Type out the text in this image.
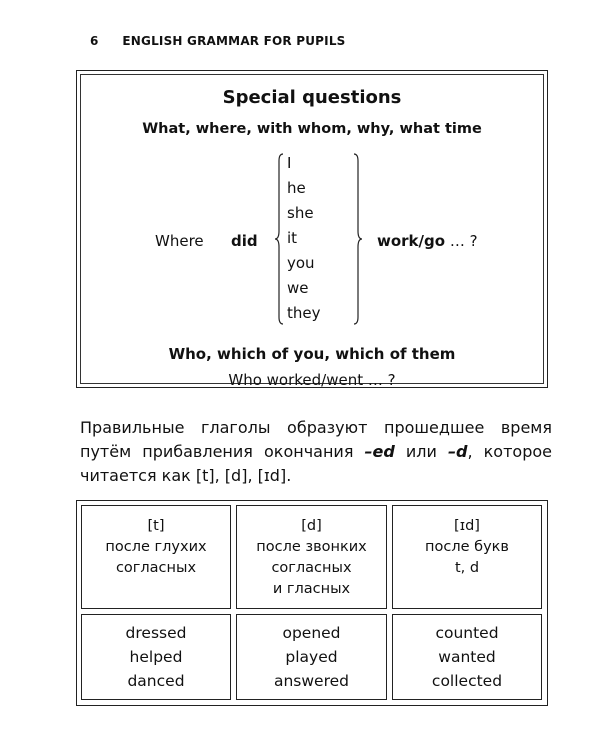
6 ENGLISH GRAMMAR FOR PUPILS
Special questions
What, where, with whom, why, what time
Where did
I
he
she
it
you
we
they
work/go … ?
Who, which of you, which of them
Who worked/went … ?
Правильные глаголы образуют прошедшее время путём прибавления окончания –ed или –d, которое читается как [t], [d], [ɪd].
[t]
после глухих
согласных
[d]
после звонких
согласных
и гласных
[ɪd]
после букв
t, d
dressed
helped
danced
opened
played
answered
counted
wanted
collected
